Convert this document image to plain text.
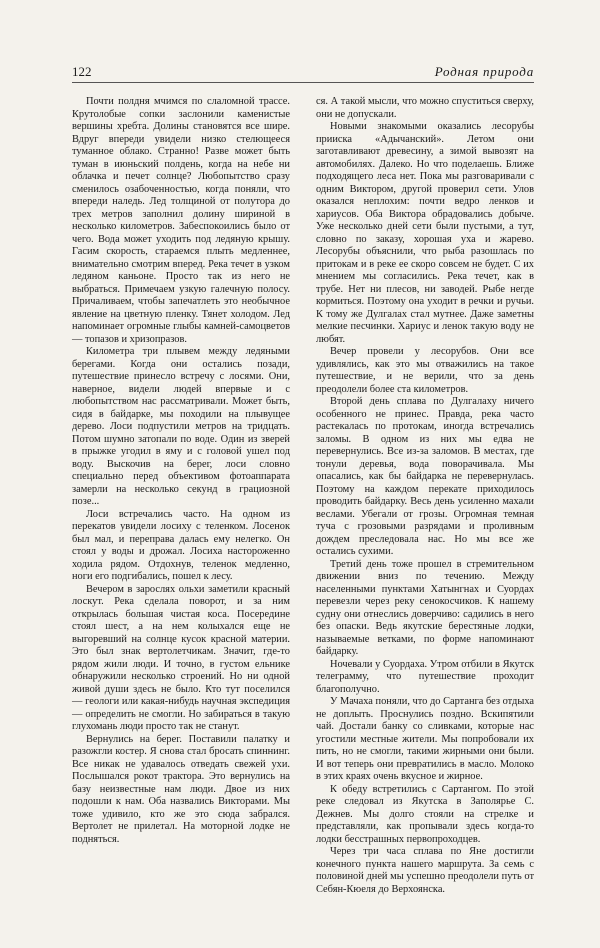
122	Родная природа

Почти полдня мчимся по слаломной трассе. Крутолобые сопки заслонили каменистые вершины хребта. Долины становятся все шире. Вдруг впереди увидели низко стелющееся туманное облако. Странно! Разве может быть туман в июньский полдень, когда на небе ни облачка и печет солнце? Любопытство сразу сменилось озабоченностью, когда поняли, что впереди наледь. Лед толщиной от полутора до трех метров заполнил долину шириной в несколько километров. Забеспокоились было от чего. Вода может уходить под ледяную крышу. Гасим скорость, стараемся плыть медленнее, внимательно смотрим вперед. Река течет в узком ледяном каньоне. Просто так из него не выбраться. Примечаем узкую галечную полосу. Причаливаем, чтобы запечатлеть это необычное явление на цветную пленку. Тянет холодом. Лед напоминает огромные глыбы камней-самоцветов — топазов и хризопразов.

Километра три плывем между ледяными берегами. Когда они остались позади, путешествие принесло встречу с лосями. Они, наверное, видели людей впервые и с любопытством нас рассматривали. Может быть, сидя в байдарке, мы походили на плывущее дерево. Лоси подпустили метров на тридцать. Потом шумно затопали по воде. Один из зверей в прыжке угодил в яму и с головой ушел под воду. Выскочив на берег, лоси словно специально перед объективом фотоаппарата замерли на несколько секунд в грациозной позе...

Лоси встречались часто. На одном из перекатов увидели лосиху с теленком. Лосенок был мал, и переправа далась ему нелегко. Он стоял у воды и дрожал. Лосиха настороженно ходила рядом. Отдохнув, теленок медленно, ноги его подгибались, пошел к лесу.

Вечером в зарослях ольхи заметили красный лоскут. Река сделала поворот, и за ним открылась большая чистая коса. Посередине стоял шест, а на нем колыхался еще не выгоревший на солнце кусок красной материи. Это был знак вертолетчикам. Значит, где-то рядом жили люди. И точно, в густом ельнике обнаружили несколько строений. Но ни одной живой души здесь не было. Кто тут поселился — геологи или какая-нибудь научная экспедиция — определить не смогли. Но забираться в такую глухомань люди просто так не станут.

Вернулись на берег. Поставили палатку и разожгли костер. Я снова стал бросать спиннинг. Все никак не удавалось отведать свежей ухи. Послышался рокот трактора. Это вернулись на базу неизвестные нам люди. Двое из них подошли к нам. Оба назвались Викторами. Мы тоже удивило, кто же это сюда забрался. Вертолет не прилетал. На моторной лодке не подняться.

ся. А такой мысли, что можно спуститься сверху, они не допускали.

Новыми знакомыми оказались лесорубы прииска «Адычанский». Летом они заготавливают древесину, а зимой вывозят на автомобилях. Далеко. Но что поделаешь. Ближе подходящего леса нет. Пока мы разговаривали с одним Виктором, другой проверил сети. Улов оказался неплохим: почти ведро ленков и хариусов. Оба Виктора обрадовались добыче. Уже несколько дней сети были пустыми, а тут, словно по заказу, хорошая уха и жарево. Лесорубы объяснили, что рыба разошлась по притокам и в реке ее скоро совсем не будет. С их мнением мы согласились. Река течет, как в трубе. Нет ни плесов, ни заводей. Рыбе негде кормиться. Поэтому она уходит в речки и ручьи. К тому же Дулгалах стал мутнее. Даже заметны мелкие песчинки. Хариус и ленок такую воду не любят.

Вечер провели у лесорубов. Они все удивлялись, как это мы отважились на такое путешествие, и не верили, что за день преодолели более ста километров.

Второй день сплава по Дулгалаху ничего особенного не принес. Правда, река часто растекалась по протокам, иногда встречались заломы. В одном из них мы едва не перевернулись. Все из-за заломов. В местах, где тонули деревья, вода поворачивала. Мы опасались, как бы байдарка не перевернулась. Поэтому на каждом перекате приходилось проводить байдарку. Весь день усиленно махали веслами. Убегали от грозы. Огромная темная туча с грозовыми разрядами и проливным дождем преследовала нас. Но мы все же остались сухими.

Третий день тоже прошел в стремительном движении вниз по течению. Между населенными пунктами Хатынгнах и Суордах перевезли через реку сенокосчиков. К нашему судну они отнеслись доверчиво: садились в него без опаски. Ведь якутские берестяные лодки, называемые ветками, по форме напоминают байдарку.

Ночевали у Суордаха. Утром отбили в Якутск телеграмму, что путешествие проходит благополучно.

У Мачаха поняли, что до Сартанга без отдыха не доплыть. Проснулись поздно. Вскипятили чай. Достали банку со сливками, которые нас угостили местные жители. Мы попробовали их пить, но не смогли, такими жирными они были. И вот теперь они превратились в масло. Молоко в этих краях очень вкусное и жирное.

К обеду встретились с Сартангом. По этой реке следовал из Якутска в Заполярье С. Дежнев. Мы долго стояли на стрелке и представляли, как пропывали здесь когда-то лодки бесстрашных первопроходцев.

Через три часа сплава по Яне достигли конечного пункта нашего маршрута. За семь с половиной дней мы успешно преодолели путь от Себян-Кюеля до Верхоянска.
